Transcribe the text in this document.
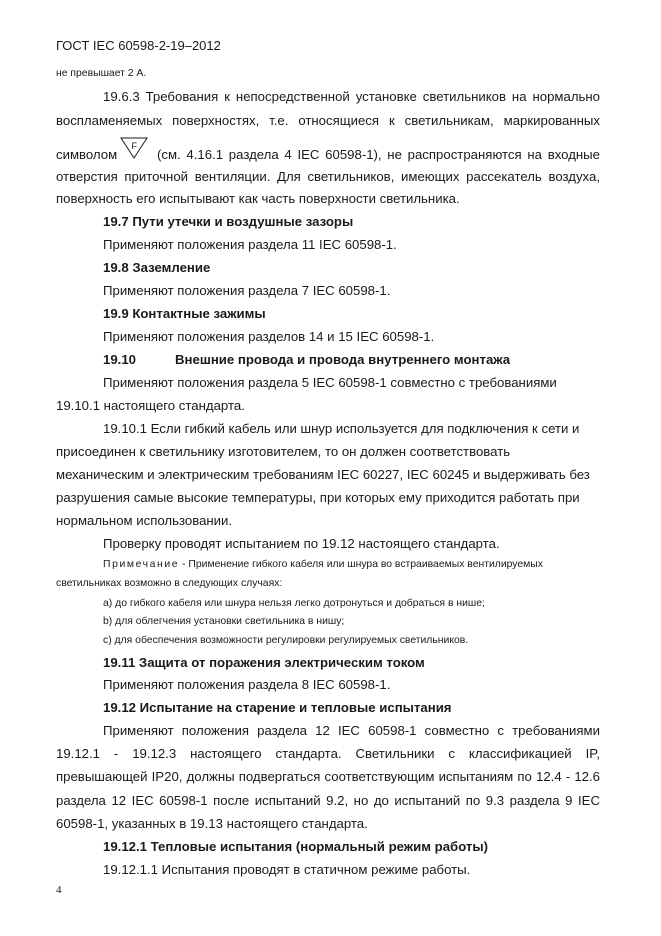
ГОСТ IEC 60598-2-19–2012
не превышает 2 А.
19.6.3 Требования к непосредственной установке светильников на нормально
воспламеняемых поверхностях, т.е. относящиеся к светильникам, маркированных
символом
F
(см. 4.16.1 раздела 4 IEC 60598-1), не распространяются на входные
отверстия приточной вентиляции. Для светильников, имеющих рассекатель воздуха,
поверхность его испытывают как часть поверхности светильника.
19.7 Пути утечки и воздушные зазоры
Применяют положения раздела 11 IEC 60598-1.
19.8 Заземление
Применяют положения раздела 7 IEC 60598-1.
19.9 Контактные зажимы
Применяют положения разделов 14 и 15 IEC 60598-1.
19.10	Внешние провода и провода внутреннего монтажа
Применяют положения раздела 5 IEC 60598-1 совместно с требованиями
19.10.1 настоящего стандарта.
19.10.1 Если гибкий кабель или шнур используется для подключения к сети и
присоединен к светильнику изготовителем, то он должен соответствовать
механическим и электрическим требованиям IEC 60227, IEC 60245 и выдерживать без
разрушения самые высокие температуры, при которых ему приходится работать при
нормальном использовании.
Проверку проводят испытанием по 19.12 настоящего стандарта.
Примечание - Применение гибкого кабеля или шнура во встраиваемых вентилируемых
светильниках возможно в следующих случаях:
а) до гибкого кабеля или шнура нельзя легко дотронуться и добраться в нише;
b) для облегчения установки светильника в нишу;
c) для обеспечения возможности регулировки регулируемых светильников.
19.11 Защита от поражения электрическим током
Применяют положения раздела 8 IEC 60598-1.
19.12 Испытание на старение и тепловые испытания
Применяют положения раздела 12 IEC 60598-1 совместно с требованиями
19.12.1 - 19.12.3 настоящего стандарта. Светильники с классификацией IP,
превышающей IP20, должны подвергаться соответствующим испытаниям по 12.4 - 12.6
раздела 12 IEC 60598-1 после испытаний 9.2, но до испытаний по 9.3 раздела 9 IEC
60598-1, указанных в 19.13 настоящего стандарта.
19.12.1 Тепловые испытания (нормальный режим работы)
19.12.1.1 Испытания проводят в статичном режиме работы.
4
